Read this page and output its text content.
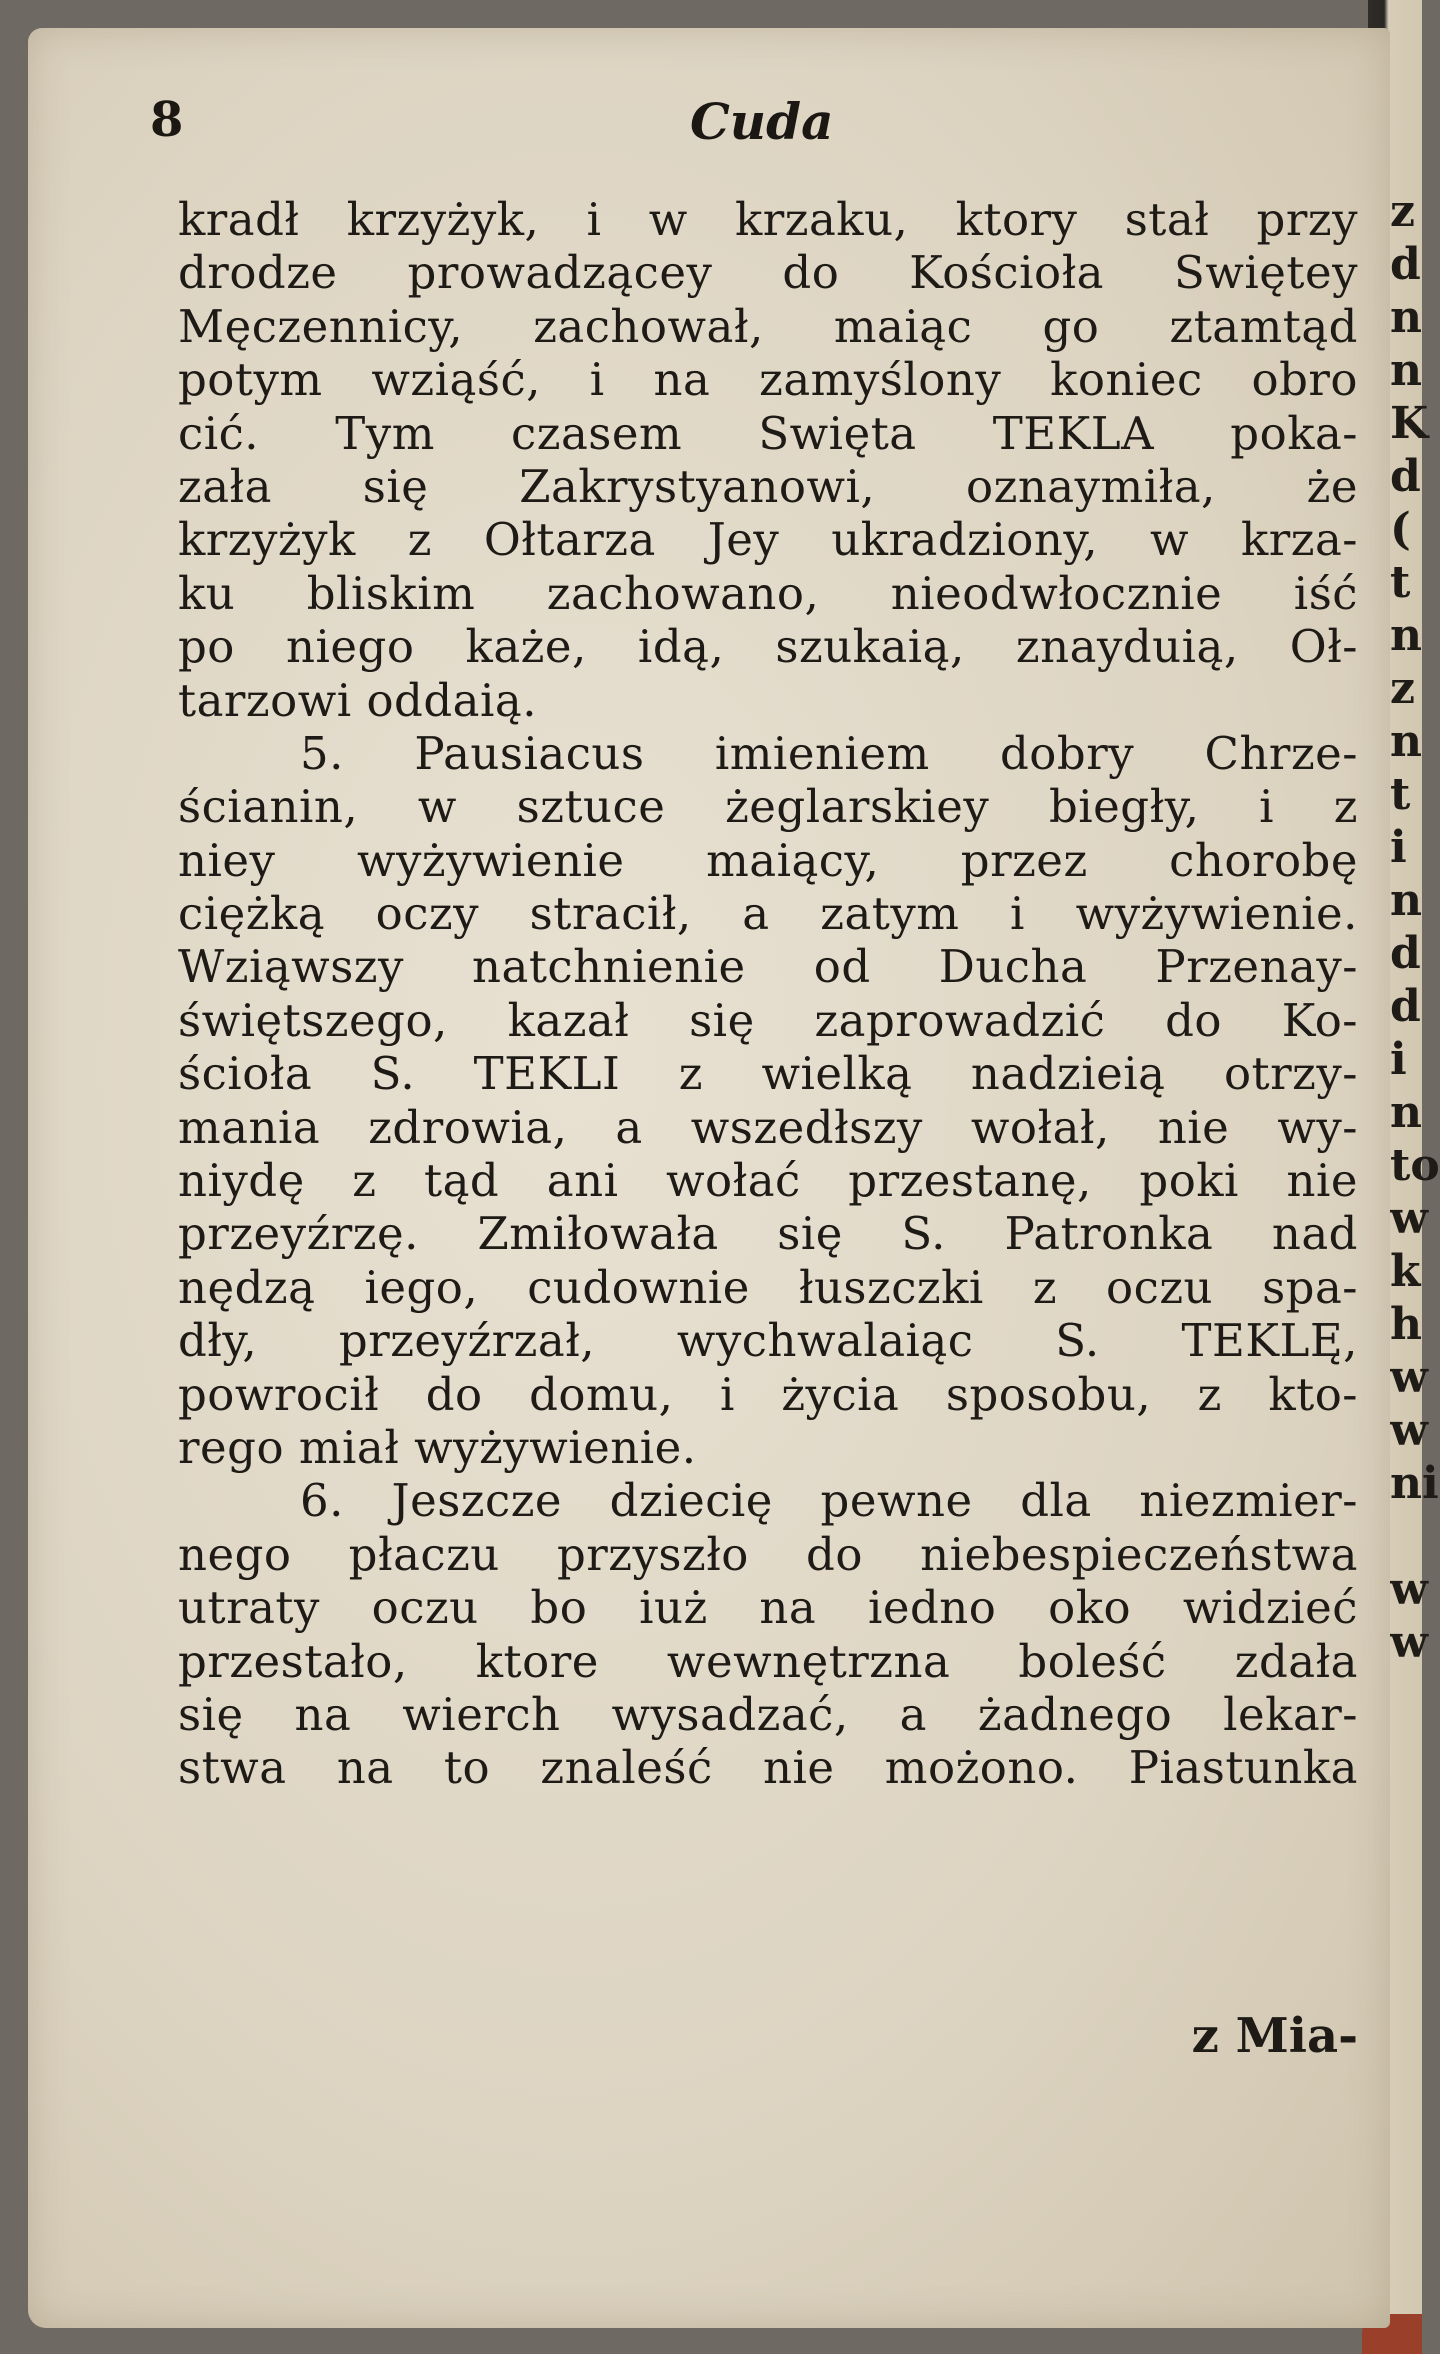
z
d
n
n
K
d
(
t
n
z
n
t
i
n
d
d
i
n
to
w
k
h
w
w
ni
w
w
8	Cuda
kradł krzyżyk, i w krzaku, ktory stał przy
drodze prowadzącey do Kościoła Swiętey
Męczennicy, zachował, maiąc go ztamtąd
potym wziąść, i na zamyślony koniec obro
cić. Tym czasem Swięta TEKLA poka-
zała się Zakrystyanowi, oznaymiła, że
krzyżyk z Ołtarza Jey ukradziony, w krza-
ku bliskim zachowano, nieodwłocznie iść
po niego każe, idą, szukaią, znayduią, Oł-
tarzowi oddaią.
5. Pausiacus imieniem dobry Chrze-
ścianin, w sztuce żeglarskiey biegły, i z
niey wyżywienie maiący, przez chorobę
ciężką oczy stracił, a zatym i wyżywienie.
Wziąwszy natchnienie od Ducha Przenay-
świętszego, kazał się zaprowadzić do Ko-
ścioła S. TEKLI z wielką nadzieią otrzy-
mania zdrowia, a wszedłszy wołał, nie wy-
niydę z tąd ani wołać przestanę, poki nie
przeyźrzę. Zmiłowała się S. Patronka nad
nędzą iego, cudownie łuszczki z oczu spa-
dły, przeyźrzał, wychwalaiąc S. TEKLĘ,
powrocił do domu, i życia sposobu, z kto-
rego miał wyżywienie.
6. Jeszcze dziecię pewne dla niezmier-
nego płaczu przyszło do niebespieczeństwa
utraty oczu bo iuż na iedno oko widzieć
przestało, ktore wewnętrzna boleść zdała
się na wierch wysadzać, a żadnego lekar-
stwa na to znaleść nie możono. Piastunka
z Mia-
